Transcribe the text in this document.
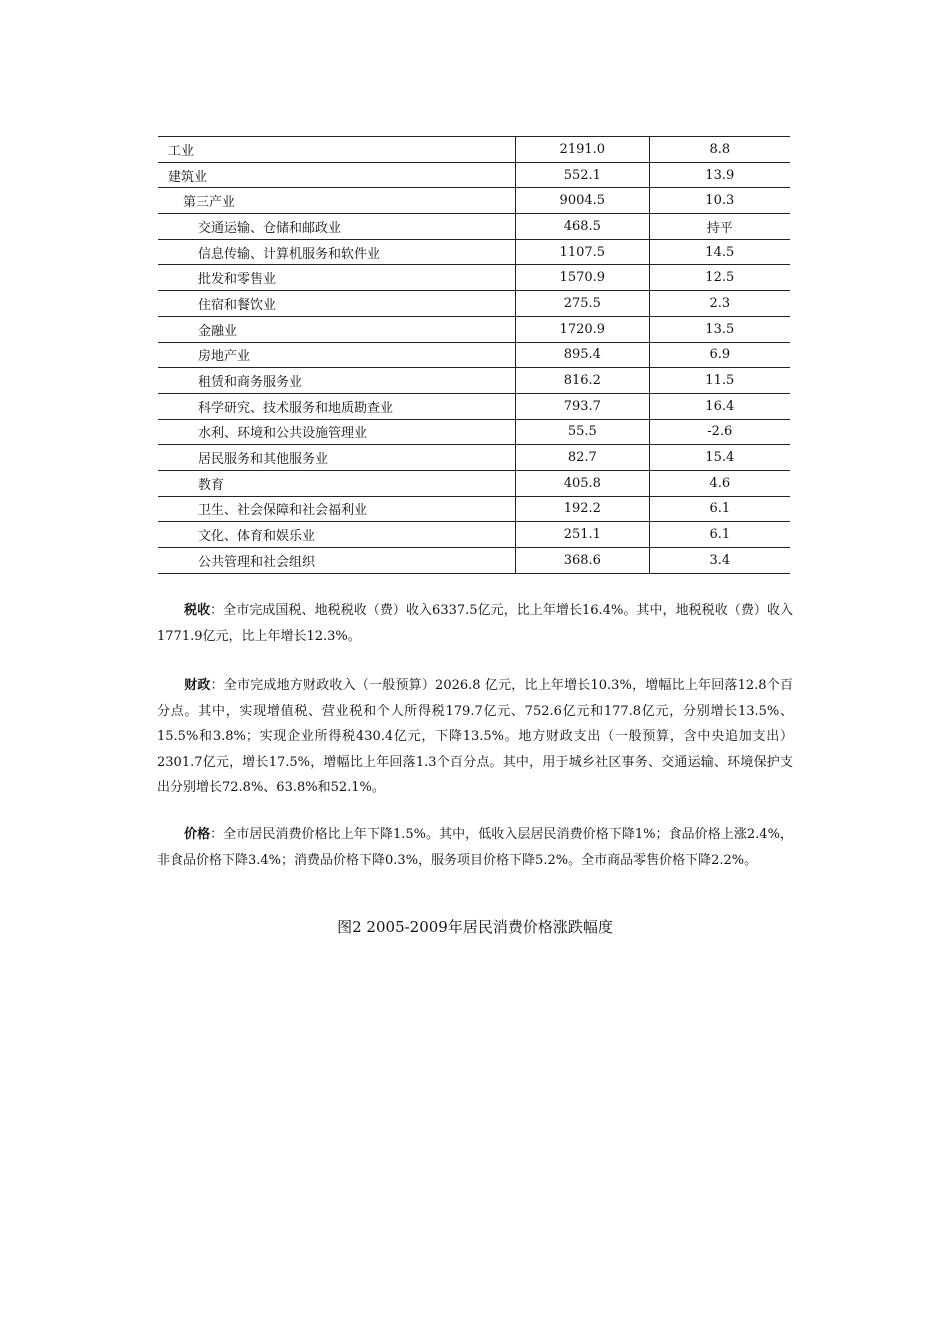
工业	2191.0	8.8
建筑业	552.1	13.9
第三产业	9004.5	10.3
交通运输、仓储和邮政业	468.5	持平
信息传输、计算机服务和软件业	1107.5	14.5
批发和零售业	1570.9	12.5
住宿和餐饮业	275.5	2.3
金融业	1720.9	13.5
房地产业	895.4	6.9
租赁和商务服务业	816.2	11.5
科学研究、技术服务和地质勘查业	793.7	16.4
水利、环境和公共设施管理业	55.5	-2.6
居民服务和其他服务业	82.7	15.4
教育	405.8	4.6
卫生、社会保障和社会福利业	192.2	6.1
文化、体育和娱乐业	251.1	6.1
公共管理和社会组织	368.6	3.4

税收：全市完成国税、地税税收（费）收入6337.5亿元，比上年增长16.4%。其中，地税税收（费）收入1771.9亿元，比上年增长12.3%。

财政：全市完成地方财政收入（一般预算）2026.8 亿元，比上年增长10.3%，增幅比上年回落12.8个百分点。其中，实现增值税、营业税和个人所得税179.7亿元、752.6亿元和177.8亿元，分别增长13.5%、15.5%和3.8%；实现企业所得税430.4亿元，下降13.5%。地方财政支出（一般预算，含中央追加支出）2301.7亿元，增长17.5%，增幅比上年回落1.3个百分点。其中，用于城乡社区事务、交通运输、环境保护支出分别增长72.8%、63.8%和52.1%。

价格：全市居民消费价格比上年下降1.5%。其中，低收入层居民消费价格下降1%；食品价格上涨2.4%，非食品价格下降3.4%；消费品价格下降0.3%，服务项目价格下降5.2%。全市商品零售价格下降2.2%。

图2 2005-2009年居民消费价格涨跌幅度
